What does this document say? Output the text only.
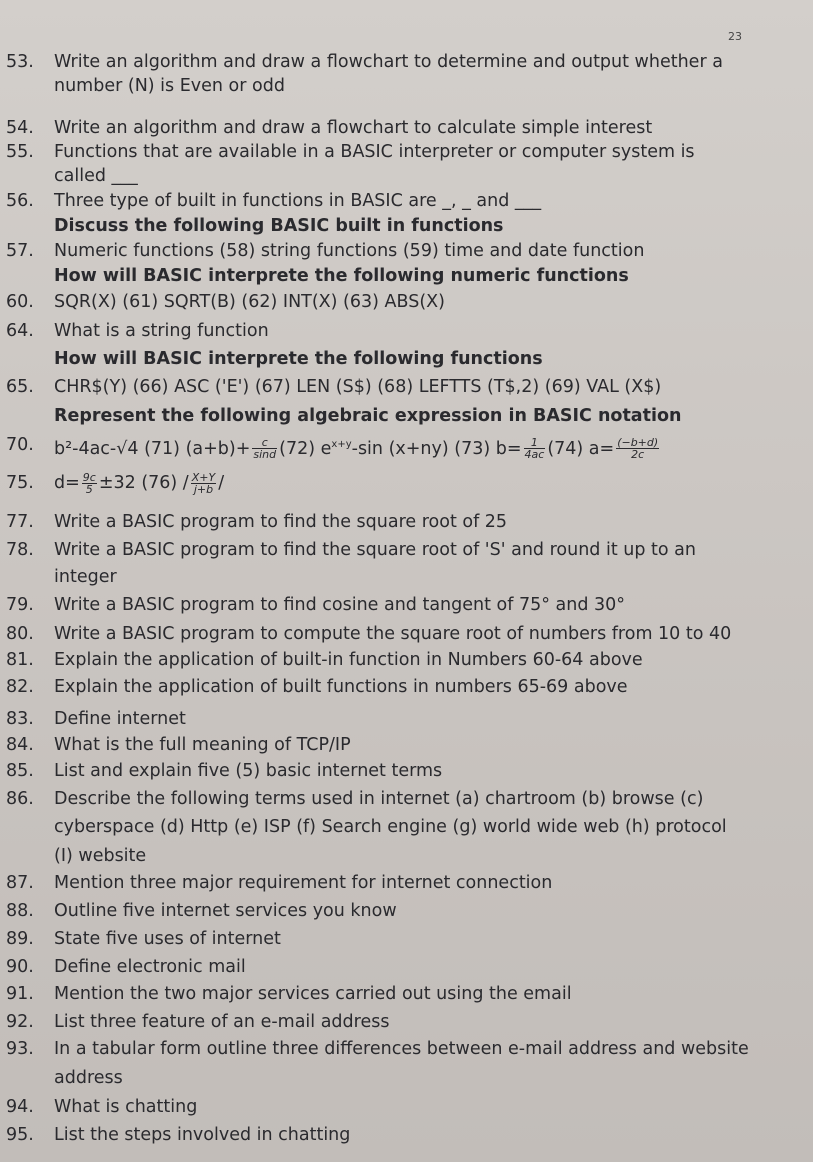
23
53.	Write an algorithm and draw a flowchart to determine and output whether a
number (N) is Even or odd
54.	Write an algorithm and draw a flowchart to calculate simple interest
55.	Functions that are available in a BASIC interpreter or computer system is
called ___
56.	Three type of built in functions in BASIC are _, _ and ___
Discuss the following BASIC built in functions
57.	Numeric functions (58) string functions (59) time and date function
How will BASIC interprete the following numeric functions
60.	SQR(X) (61) SQRT(B) (62) INT(X) (63) ABS(X)
64.	What is a string function
How will BASIC interprete the following functions
65.	CHR$(Y) (66) ASC ('E') (67) LEN (S$) (68) LEFTTS (T$,2) (69) VAL (X$)
Represent the following algebraic expression in BASIC notation
77.	Write a BASIC program to find the square root of 25
78.	Write a BASIC program to find the square root of 'S' and round it up to an
integer
79.	Write a BASIC program to find cosine and tangent of 75° and 30°
80.	Write a BASIC program to compute the square root of numbers from 10 to 40
81.	Explain the application of built-in function in Numbers 60-64 above
82.	Explain the application of built functions in numbers 65-69 above
83.	Define internet
84.	What is the full meaning of TCP/IP
85.	List and explain five (5) basic internet terms
86.	Describe the following terms used in internet (a) chartroom (b) browse (c)
cyberspace (d) Http (e) ISP (f) Search engine (g) world wide web (h) protocol
(I) website
87.	Mention three major requirement for internet connection
88.	Outline five internet services you know
89.	State five uses of internet
90.	Define electronic mail
91.	Mention the two major services carried out using the email
92.	List three feature of an e-mail address
93.	In a tabular form outline three differences between e-mail address and website
address
94.	What is chatting
95.	List the steps involved in chatting
70.	b²-4ac-√4 (71) $(a+b)+ \frac{c}{\sin d} (72)$ $e^{x+y}-\sin$ (x+ny) (73) $b= \frac{1}{4ac} (74)$ $a= \frac{(-b+d)}{2c}$
75.	$d= \frac{9c}{5} \pm 32$ $(76) / \frac{X+Y}{j+b}$ /
